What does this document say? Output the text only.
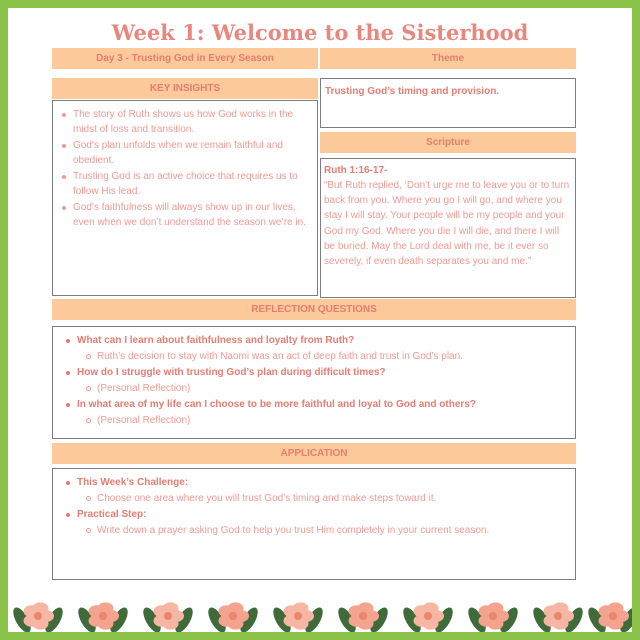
Week 1: Welcome to the Sisterhood
Day 3 - Trusting God in Every Season	Theme
Trusting God’s timing and provision.
KEY INSIGHTS
The story of Ruth shows us how God works in the midst of loss and transition.
God’s plan unfolds when we remain faithful and obedient.
Trusting God is an active choice that requires us to follow His lead.
God’s faithfulness will always show up in our lives, even when we don’t understand the season we’re in.
Scripture
Ruth 1:16-17-
“But Ruth replied, ‘Don’t urge me to leave you or to turn back from you. Where you go I will go, and where you stay I will stay. Your people will be my people and your God my God. Where you die I will die, and there I will be buried. May the Lord deal with me, be it ever so severely, if even death separates you and me.”
REFLECTION QUESTIONS
What can I learn about faithfulness and loyalty from Ruth?
Ruth’s decision to stay with Naomi was an act of deep faith and trust in God’s plan.
How do I struggle with trusting God’s plan during difficult times?
(Personal Reflection)
In what area of my life can I choose to be more faithful and loyal to God and others?
(Personal Reflection)
APPLICATION
This Week’s Challenge:
Choose one area where you will trust God’s timing and make steps toward it.
Practical Step:
Write down a prayer asking God to help you trust Him completely in your current season.
